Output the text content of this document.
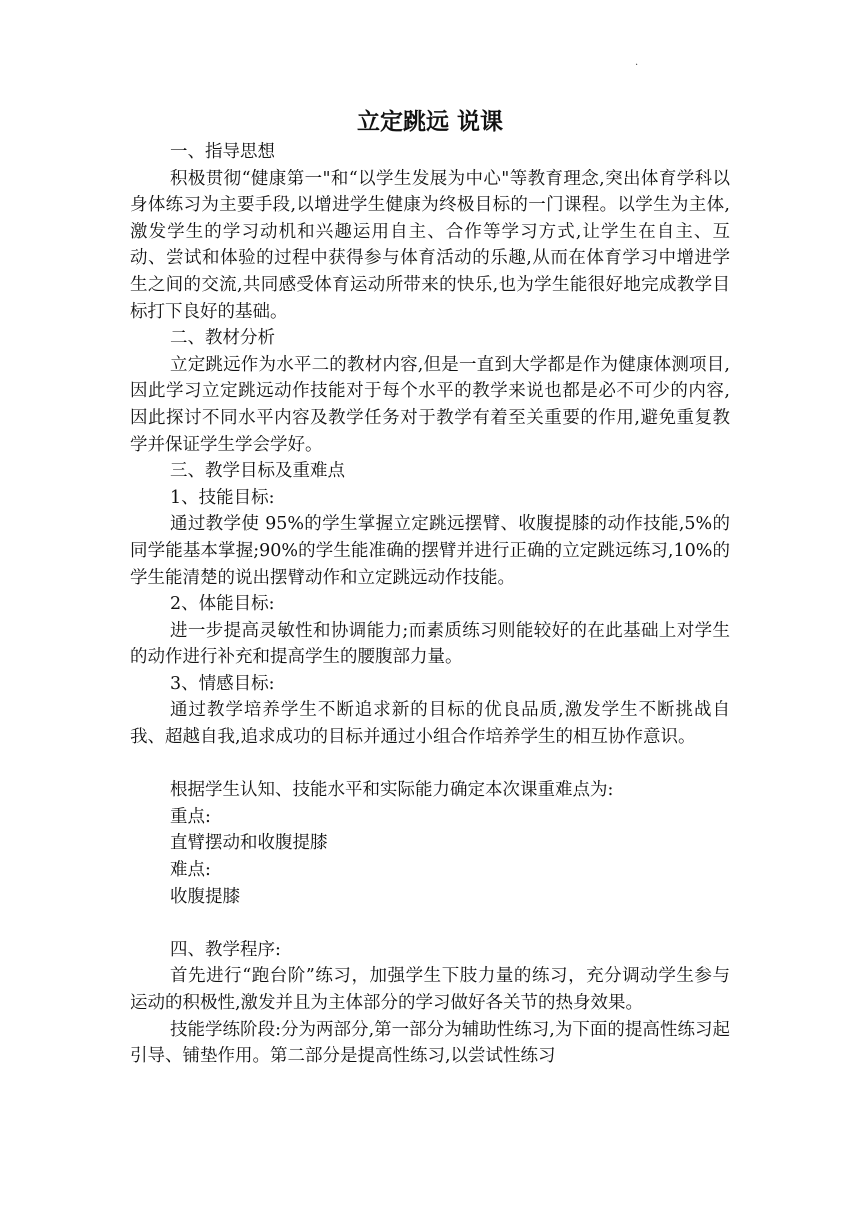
.
立定跳远 说课

一、指导思想

积极贯彻“健康第一"和“以学生发展为中心"等教育理念,突出体育学科以身体练习为主要手段,以增进学生健康为终极目标的一门课程。以学生为主体,激发学生的学习动机和兴趣运用自主、合作等学习方式,让学生在自主、互动、尝试和体验的过程中获得参与体育活动的乐趣,从而在体育学习中增进学生之间的交流,共同感受体育运动所带来的快乐,也为学生能很好地完成教学目标打下良好的基础。

二、教材分析

立定跳远作为水平二的教材内容,但是一直到大学都是作为健康体测项目,因此学习立定跳远动作技能对于每个水平的教学来说也都是必不可少的内容,因此探讨不同水平内容及教学任务对于教学有着至关重要的作用,避免重复教学并保证学生学会学好。

三、教学目标及重难点

1、技能目标:

通过教学使 95%的学生掌握立定跳远摆臂、收腹提膝的动作技能,5%的同学能基本掌握;90%的学生能准确的摆臂并进行正确的立定跳远练习,10%的学生能清楚的说出摆臂动作和立定跳远动作技能。

2、体能目标:

进一步提高灵敏性和协调能力;而素质练习则能较好的在此基础上对学生的动作进行补充和提高学生的腰腹部力量。

3、情感目标:

通过教学培养学生不断追求新的目标的优良品质,激发学生不断挑战自我、超越自我,追求成功的目标并通过小组合作培养学生的相互协作意识。

根据学生认知、技能水平和实际能力确定本次课重难点为:

重点:

直臂摆动和收腹提膝

难点:

收腹提膝

四、教学程序:

首先进行“跑台阶”练习，加强学生下肢力量的练习，充分调动学生参与运动的积极性,激发并且为主体部分的学习做好各关节的热身效果。

技能学练阶段:分为两部分,第一部分为辅助性练习,为下面的提高性练习起引导、铺垫作用。第二部分是提高性练习,以尝试性练习
